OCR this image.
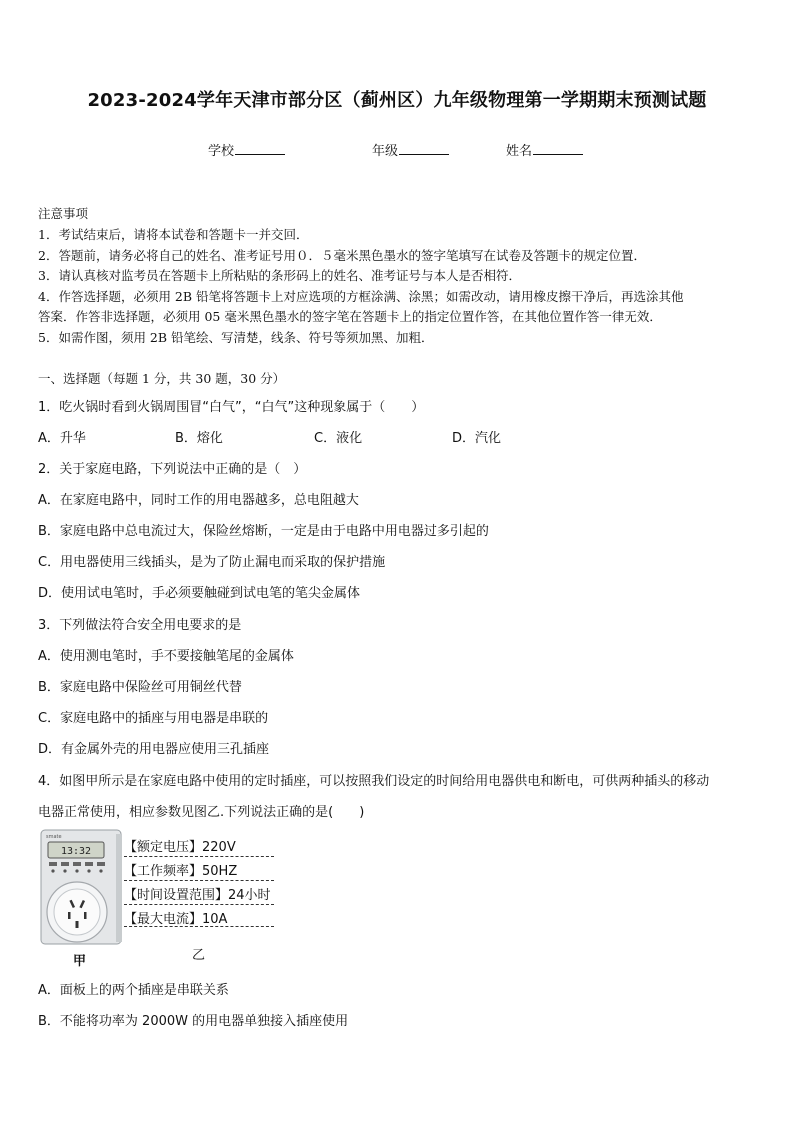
2023-2024学年天津市部分区（蓟州区）九年级物理第一学期期末预测试题
学校	年级	姓名
注意事项
1．考试结束后，请将本试卷和答题卡一并交回．
2．答题前，请务必将自己的姓名、准考证号用０．５毫米黑色墨水的签字笔填写在试卷及答题卡的规定位置．
3．请认真核对监考员在答题卡上所粘贴的条形码上的姓名、准考证号与本人是否相符．
4．作答选择题，必须用 2B 铅笔将答题卡上对应选项的方框涂满、涂黑；如需改动，请用橡皮擦干净后，再选涂其他
答案．作答非选择题，必须用 05 毫米黑色墨水的签字笔在答题卡上的指定位置作答，在其他位置作答一律无效．
5．如需作图，须用 2B 铅笔绘、写清楚，线条、符号等须加黑、加粗．
一、选择题（每题 1 分，共 30 题，30 分）
1．吃火锅时看到火锅周围冒“白气”，“白气”这种现象属于（　　）
A．升华	B．熔化	C．液化	D．汽化
2．关于家庭电路，下列说法中正确的是（　）
A．在家庭电路中，同时工作的用电器越多，总电阻越大
B．家庭电路中总电流过大，保险丝熔断，一定是由于电路中用电器过多引起的
C．用电器使用三线插头，是为了防止漏电而采取的保护措施
D．使用试电笔时，手必须要触碰到试电笔的笔尖金属体
3．下列做法符合安全用电要求的是
A．使用测电笔时，手不要接触笔尾的金属体
B．家庭电路中保险丝可用铜丝代替
C．家庭电路中的插座与用电器是串联的
D．有金属外壳的用电器应使用三孔插座
4．如图甲所示是在家庭电路中使用的定时插座，可以按照我们设定的时间给用电器供电和断电，可供两种插头的移动
电器正常使用，相应参数见图乙.下列说法正确的是(　　)
smate
13:32
甲
【额定电压】220V
【工作频率】50HZ
【时间设置范围】24小时
【最大电流】10A
乙
A．面板上的两个插座是串联关系
B．不能将功率为 2000W 的用电器单独接入插座使用
